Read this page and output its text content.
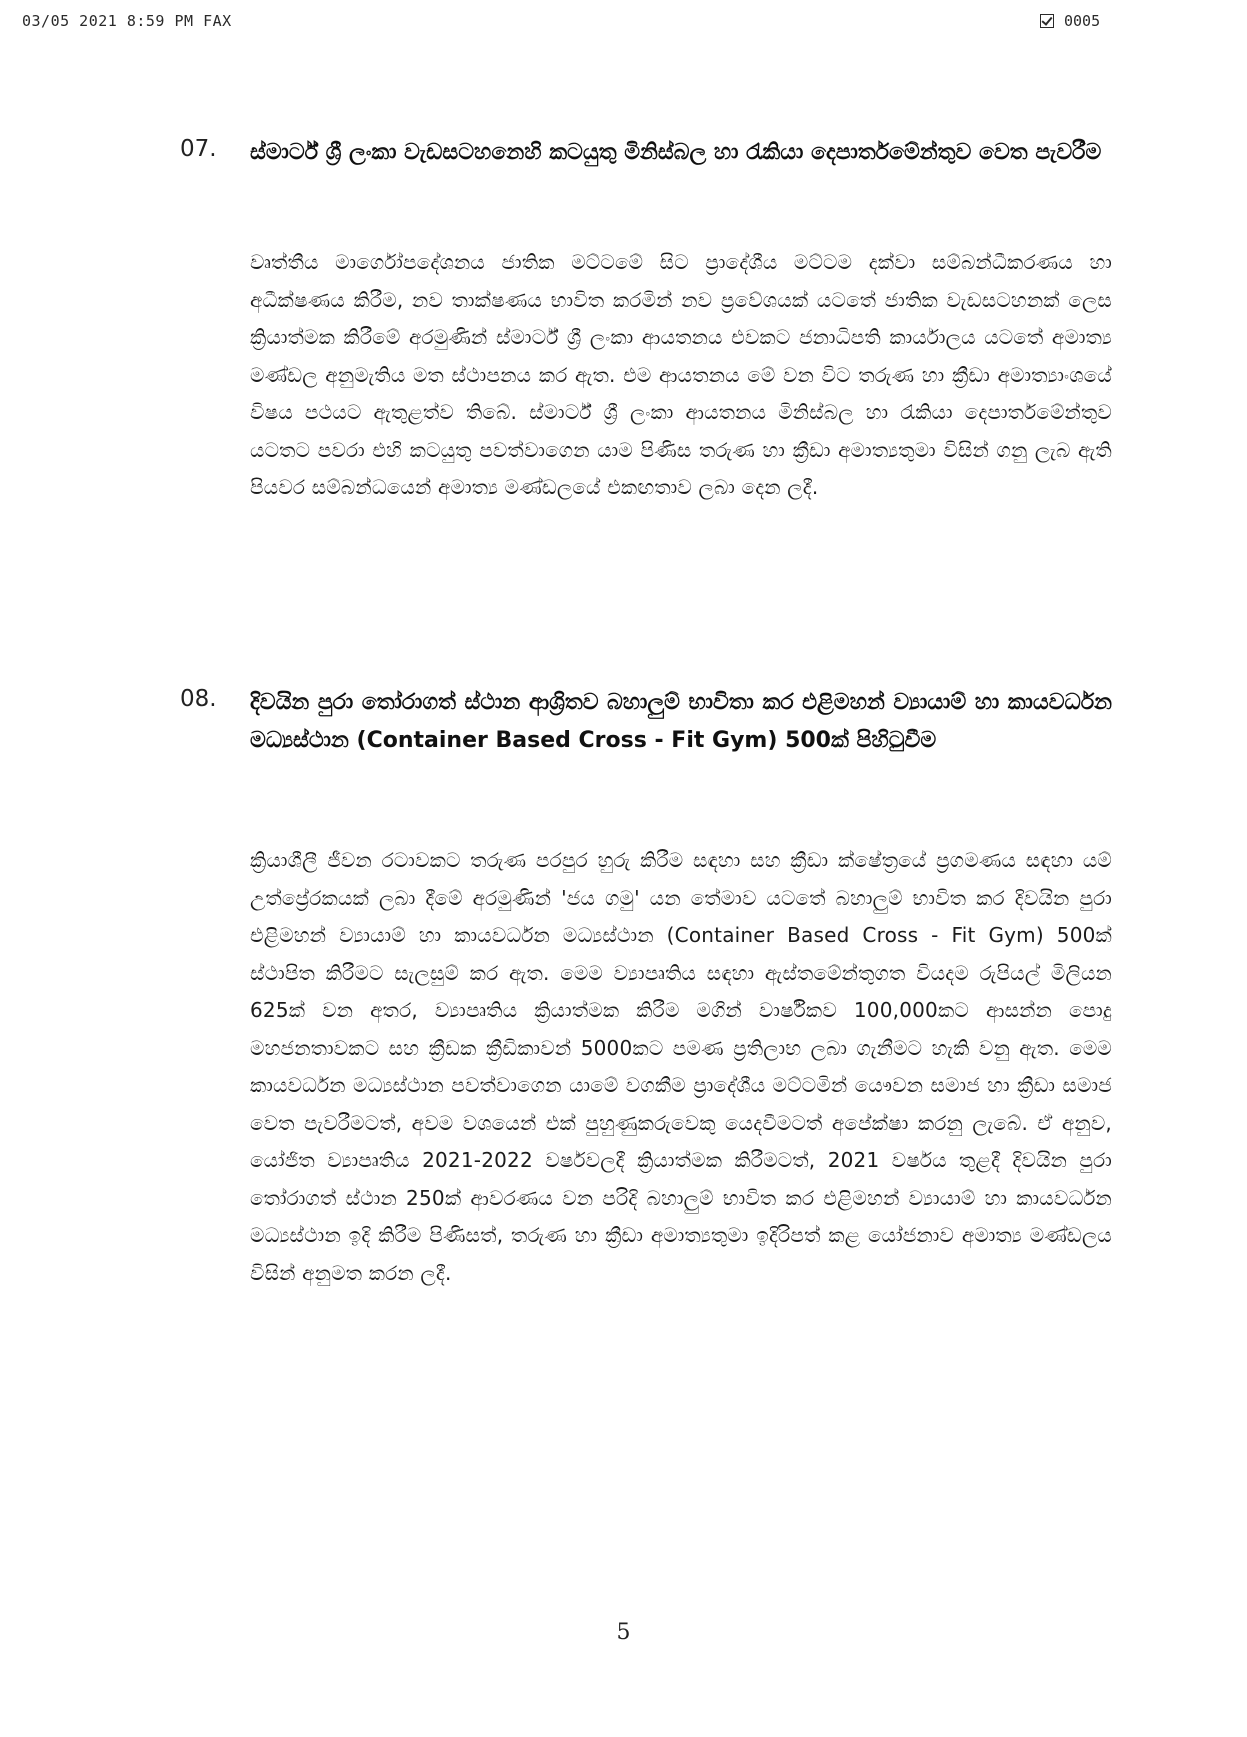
03/05 2021 8:59 PM FAX	0005
07. ස්මාර්ට් ශ්‍රී ලංකා වැඩසටහනෙහි කටයුතු මිනිස්බල හා රැකියා දෙපාර්තමේන්තුව වෙත පැවරීම
වෘත්තීය මාර්ගෝපදේශනය ජාතික මට්ටමේ සිට ප්‍රාදේශීය මට්ටම දක්වා සම්බන්ධීකරණය හා අධීක්ෂණය කිරීම, නව තාක්ෂණය භාවිත කරමින් නව ප්‍රවේශයක් යටතේ ජාතික වැඩසටහනක් ලෙස ක්‍රියාත්මක කිරීමේ අරමුණින් ස්මාර්ට් ශ්‍රී ලංකා ආයතනය එවකට ජනාධිපති කාර්යාලය යටතේ අමාත්‍ය මණ්ඩල අනුමැතිය මත ස්ථාපනය කර ඇත. එම ආයතනය මේ වන විට තරුණ හා ක්‍රීඩා අමාත්‍යාංශයේ විෂය පථයට ඇතුළත්ව තිබේ. ස්මාර්ට් ශ්‍රී ලංකා ආයතනය මිනිස්බල හා රැකියා දෙපාර්තමේන්තුව යටතට පවරා එහි කටයුතු පවත්වාගෙන යාම පිණිස තරුණ හා ක්‍රීඩා අමාත්‍යතුමා විසින් ගනු ලැබ ඇති පියවර සම්බන්ධයෙන් අමාත්‍ය මණ්ඩලයේ එකඟතාව ලබා දෙන ලදී.
08. දිවයින පුරා තෝරාගත් ස්ථාන ආශ්‍රිතව බහාලුම් භාවිතා කර එළිමහන් ව්‍යායාම් හා කායවර්ධන මධ්‍යස්ථාන (Container Based Cross - Fit Gym) 500ක් පිහිටුවීම
ක්‍රියාශීලී ජීවන රටාවකට තරුණ පරපුර හුරු කිරීම සඳහා සහ ක්‍රීඩා ක්ෂේත්‍රයේ ප්‍රගමණය සඳහා යම් උත්ප්‍රේරකයක් ලබා දීමේ අරමුණින් 'ජය ගමු' යන තේමාව යටතේ බහාලුම් භාවිත කර දිවයින පුරා එළිමහන් ව්‍යායාම් හා කායවර්ධන මධ්‍යස්ථාන (Container Based Cross - Fit Gym) 500ක් ස්ථාපිත කිරීමට සැලසුම් කර ඇත. මෙම ව්‍යාපෘතිය සඳහා ඇස්තමේන්තුගත වියදම රුපියල් මිලියන 625ක් වන අතර, ව්‍යාපෘතිය ක්‍රියාත්මක කිරීම මගින් වාර්ෂිකව 100,000කට ආසන්න පොදු මහජනතාවකට සහ ක්‍රීඩක ක්‍රීඩිකාවන් 5000කට පමණ ප්‍රතිලාභ ලබා ගැනීමට හැකි වනු ඇත. මෙම කායවර්ධන මධ්‍යස්ථාන පවත්වාගෙන යාමේ වගකීම ප්‍රාදේශීය මට්ටමින් යෞවන සමාජ හා ක්‍රීඩා සමාජ වෙත පැවරීමටත්, අවම වශයෙන් එක් පුහුණුකරුවෙකු යෙදවීමටත් අපේක්ෂා කරනු ලැබේ. ඒ අනුව, යෝජිත ව්‍යාපෘතිය 2021-2022 වර්ෂවලදී ක්‍රියාත්මක කිරීමටත්, 2021 වර්ෂය තුළදී දිවයින පුරා තෝරාගත් ස්ථාන 250ක් ආවරණය වන පරිදි බහාලුම් භාවිත කර එළිමහන් ව්‍යායාම් හා කායවර්ධන මධ්‍යස්ථාන ඉදි කිරීම පිණිසත්, තරුණ හා ක්‍රීඩා අමාත්‍යතුමා ඉදිරිපත් කළ යෝජනාව අමාත්‍ය මණ්ඩලය විසින් අනුමත කරන ලදී.
5
